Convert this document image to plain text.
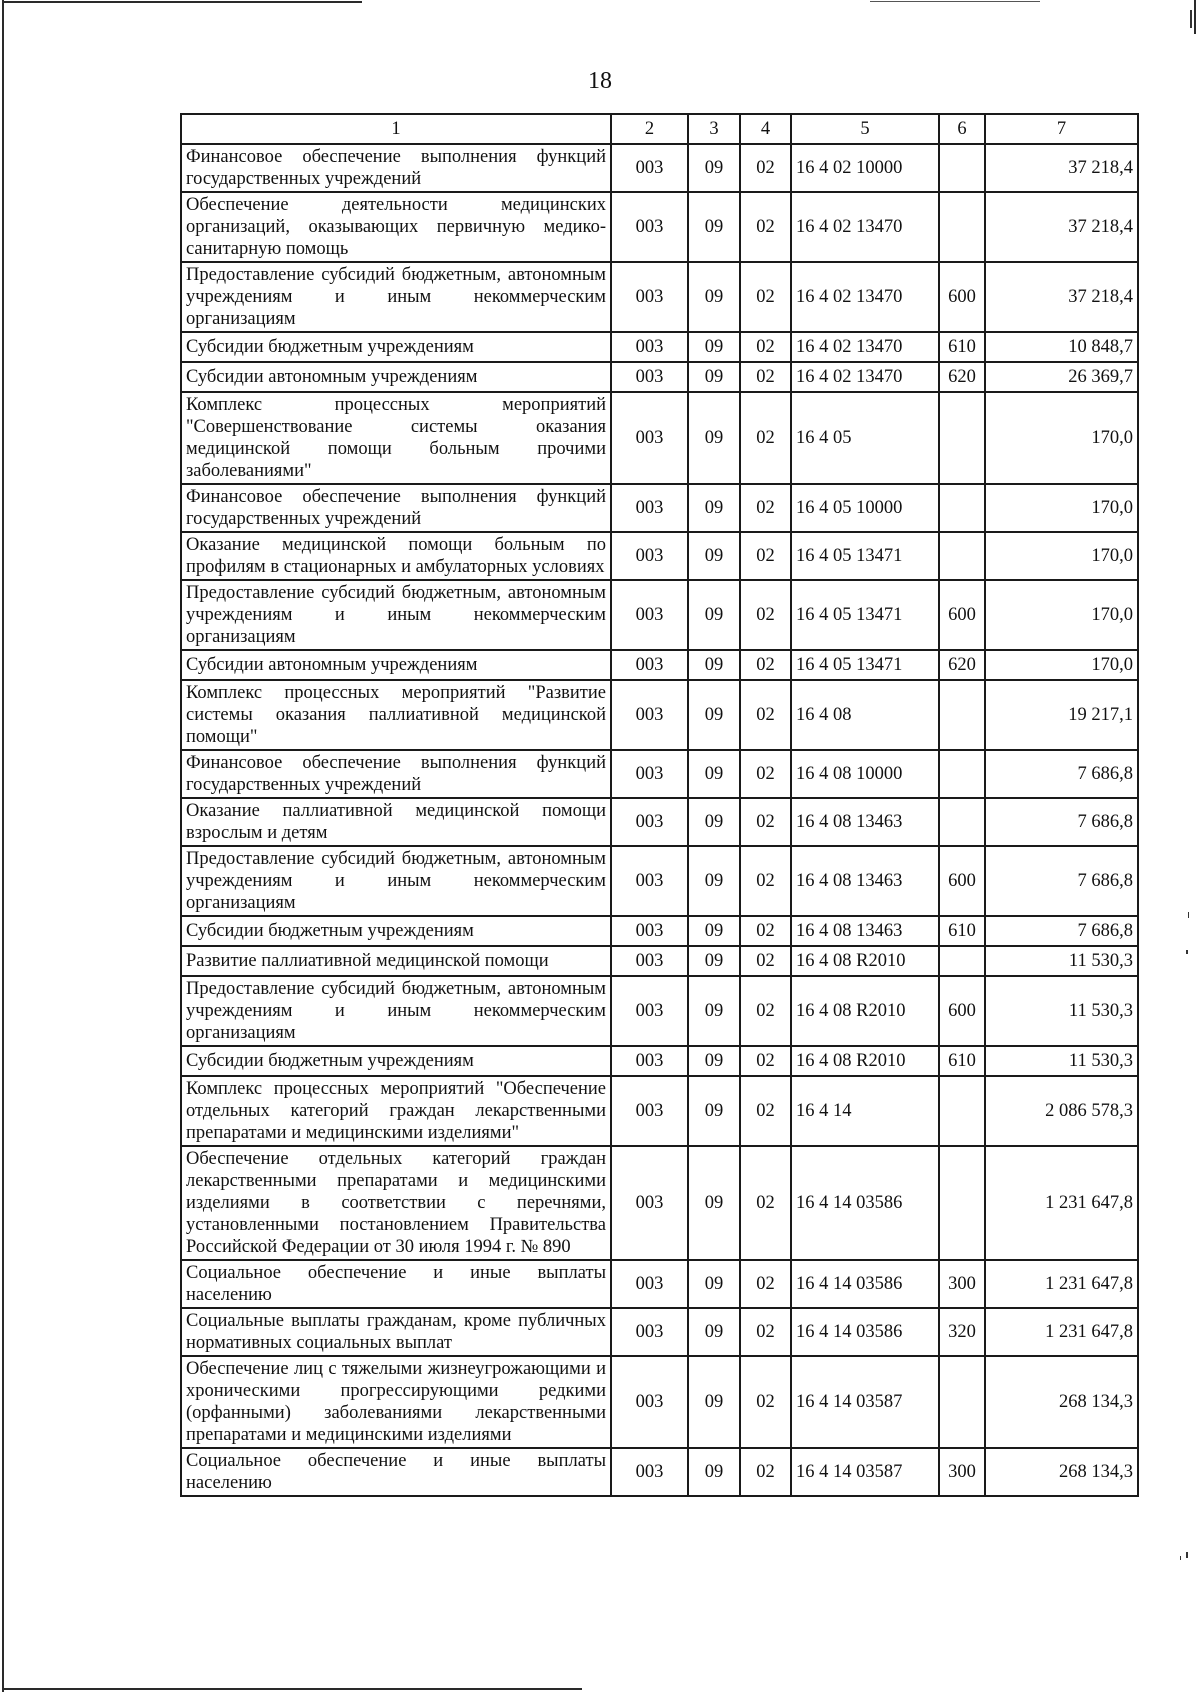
18
1	2	3	4	5	6	7
Финансовое обеспечение выполнения функций государственных учреждений	003	09	02	16 4 02 10000		37 218,4
Обеспечение деятельности медицинских организаций, оказывающих первичную медико-санитарную помощь	003	09	02	16 4 02 13470		37 218,4
Предоставление субсидий бюджетным, автономным учреждениям и иным некоммерческим организациям	003	09	02	16 4 02 13470	600	37 218,4
Субсидии бюджетным учреждениям	003	09	02	16 4 02 13470	610	10 848,7
Субсидии автономным учреждениям	003	09	02	16 4 02 13470	620	26 369,7
Комплекс процессных мероприятий "Совершенствование системы оказания медицинской помощи больным прочими заболеваниями"	003	09	02	16 4 05		170,0
Финансовое обеспечение выполнения функций государственных учреждений	003	09	02	16 4 05 10000		170,0
Оказание медицинской помощи больным по профилям в стационарных и амбулаторных условиях	003	09	02	16 4 05 13471		170,0
Предоставление субсидий бюджетным, автономным учреждениям и иным некоммерческим организациям	003	09	02	16 4 05 13471	600	170,0
Субсидии автономным учреждениям	003	09	02	16 4 05 13471	620	170,0
Комплекс процессных мероприятий "Развитие системы оказания паллиативной медицинской помощи"	003	09	02	16 4 08		19 217,1
Финансовое обеспечение выполнения функций государственных учреждений	003	09	02	16 4 08 10000		7 686,8
Оказание паллиативной медицинской помощи взрослым и детям	003	09	02	16 4 08 13463		7 686,8
Предоставление субсидий бюджетным, автономным учреждениям и иным некоммерческим организациям	003	09	02	16 4 08 13463	600	7 686,8
Субсидии бюджетным учреждениям	003	09	02	16 4 08 13463	610	7 686,8
Развитие паллиативной медицинской помощи	003	09	02	16 4 08 R2010		11 530,3
Предоставление субсидий бюджетным, автономным учреждениям и иным некоммерческим организациям	003	09	02	16 4 08 R2010	600	11 530,3
Субсидии бюджетным учреждениям	003	09	02	16 4 08 R2010	610	11 530,3
Комплекс процессных мероприятий "Обеспечение отдельных категорий граждан лекарственными препаратами и медицинскими изделиями"	003	09	02	16 4 14		2 086 578,3
Обеспечение отдельных категорий граждан лекарственными препаратами и медицинскими изделиями в соответствии с перечнями, установленными постановлением Правительства Российской Федерации от 30 июля 1994 г. № 890	003	09	02	16 4 14 03586		1 231 647,8
Социальное обеспечение и иные выплаты населению	003	09	02	16 4 14 03586	300	1 231 647,8
Социальные выплаты гражданам, кроме публичных нормативных социальных выплат	003	09	02	16 4 14 03586	320	1 231 647,8
Обеспечение лиц с тяжелыми жизнеугрожающими и хроническими прогрессирующими редкими (орфанными) заболеваниями лекарственными препаратами и медицинскими изделиями	003	09	02	16 4 14 03587		268 134,3
Социальное обеспечение и иные выплаты населению	003	09	02	16 4 14 03587	300	268 134,3
